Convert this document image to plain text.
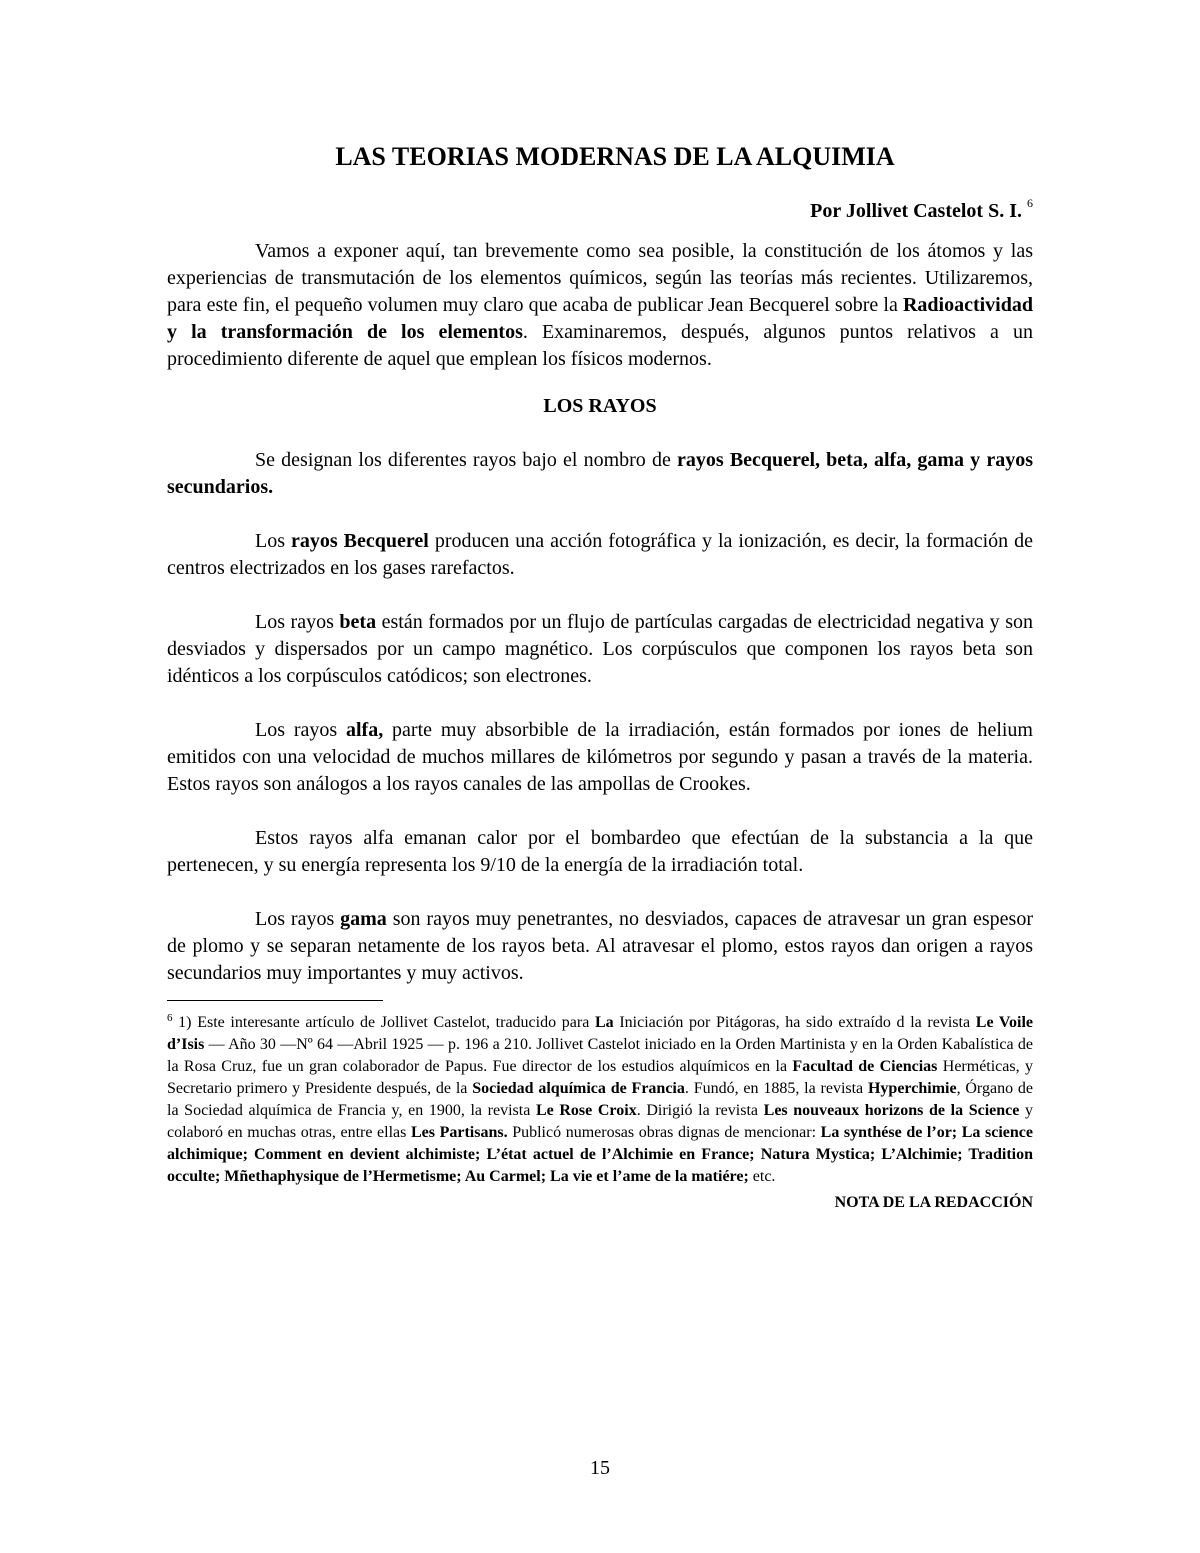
LAS TEORIAS MODERNAS DE LA ALQUIMIA
Por Jollivet Castelot S. I. $^6$

Vamos a exponer aquí, tan brevemente como sea posible, la constitución de los átomos y las experiencias de transmutación de los elementos químicos, según las teorías más recientes. Utilizaremos, para este fin, el pequeño volumen muy claro que acaba de publicar Jean Becquerel sobre la Radioactividad y la transformación de los elementos. Examinaremos, después, algunos puntos relativos a un procedimiento diferente de aquel que emplean los físicos modernos.

LOS RAYOS

Se designan los diferentes rayos bajo el nombro de rayos Becquerel, beta, alfa, gama y rayos secundarios.

Los rayos Becquerel producen una acción fotográfica y la ionización, es decir, la formación de centros electrizados en los gases rarefactos.

Los rayos beta están formados por un flujo de partículas cargadas de electricidad negativa y son desviados y dispersados por un campo magnético. Los corpúsculos que componen los rayos beta son idénticos a los corpúsculos catódicos; son electrones.

Los rayos alfa, parte muy absorbible de la irradiación, están formados por iones de helium emitidos con una velocidad de muchos millares de kilómetros por segundo y pasan a través de la materia. Estos rayos son análogos a los rayos canales de las ampollas de Crookes.

Estos rayos alfa emanan calor por el bombardeo que efectúan de la substancia a la que pertenecen, y su energía representa los 9/10 de la energía de la irradiación total.

Los rayos gama son rayos muy penetrantes, no desviados, capaces de atravesar un gran espesor de plomo y se separan netamente de los rayos beta. Al atravesar el plomo, estos rayos dan origen a rayos secundarios muy importantes y muy activos.

$^6$ 1) Este interesante artículo de Jollivet Castelot, traducido para La Iniciación por Pitágoras, ha sido extraído d la revista Le Voile d’Isis — Año 30 —Nº 64 —Abril 1925 — p. 196 a 210. Jollivet Castelot iniciado en la Orden Martinista y en la Orden Kabalística de la Rosa Cruz, fue un gran colaborador de Papus. Fue director de los estudios alquímicos en la Facultad de Ciencias Herméticas, y Secretario primero y Presidente después, de la Sociedad alquímica de Francia. Fundó, en 1885, la revista Hyperchimie, Órgano de la Sociedad alquímica de Francia y, en 1900, la revista Le Rose Croix. Dirigió la revista Les nouveaux horizons de la Science y colaboró en muchas otras, entre ellas Les Partisans. Publicó numerosas obras dignas de mencionar: La synthése de l’or; La science alchimique; Comment en devient alchimiste; L’état actuel de l’Alchimie en France; Natura Mystica; L’Alchimie; Tradition occulte; Mñethaphysique de l’Hermetisme; Au Carmel; La vie et l’ame de la matiére; etc.

NOTA DE LA REDACCIÓN

15
